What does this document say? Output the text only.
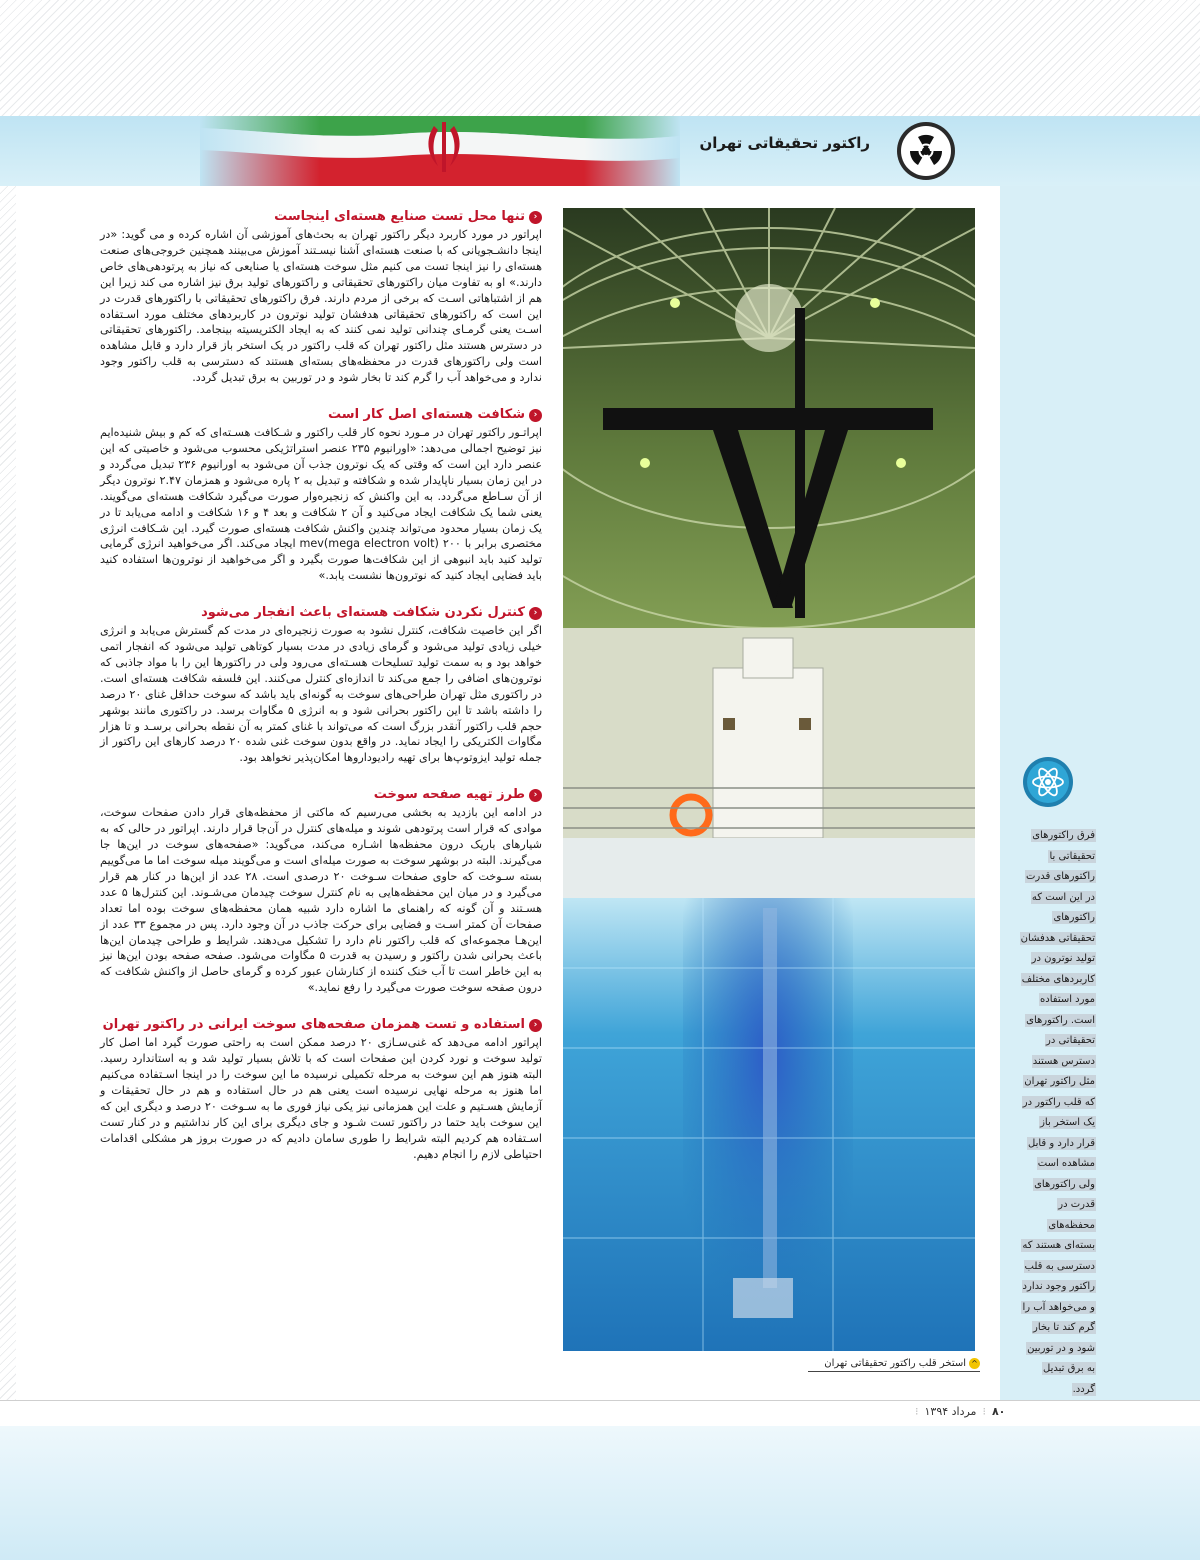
راکتور تحقیقاتی تهران
فرق راکتورهای تحقیقاتی با راکتورهای قدرت در این است که راکتورهای تحقیقاتی هدفشان تولید نوترون در کاربردهای مختلف مورد استفاده است. راکتورهای تحقیقاتی در دسترس هستند مثل راکتور تهران که قلب راکتور در یک استخر باز قرار دارد و قابل مشاهده است ولی راکتورهای قدرت در محفظه‌های بسته‌ای هستند که دسترسی به قلب راکتور وجود ندارد و می‌خواهد آب را گرم کند تا بخار شود و در توربین به برق تبدیل گردد.
‹
تنها محل تست صنایع هسته‌ای اینجاست

اپراتور در مورد کاربرد دیگر راکتور تهران به بحث‌های آموزشی آن اشاره کرده و می گوید: «در اینجا دانشـجویانی که با صنعت هسته‌ای آشنا نیسـتند آموزش می‌بینند همچنین خروجی‌های صنعت هسته‌ای را نیز اینجا تست می کنیم مثل سوخت هسته‌ای یا صنایعی که نیاز به پرتودهی‌های خاص دارند.» او به تفاوت میان راکتورهای تحقیقاتی و راکتورهای تولید برق نیز اشاره می کند زیرا این هم از اشتباهاتی اسـت که برخی از مردم دارند. فرق راکتورهای تحقیقاتی با راکتورهای قدرت در این است که راکتورهای تحقیقاتی هدفشان تولید نوترون در کاربردهای مختلف مورد اسـتفاده اسـت یعنی گرمـای چندانی تولید نمی کنند که به ایجاد الکتریسیته بینجامد. راکتورهای تحقیقاتی در دسترس هستند مثل راکتور تهران که قلب راکتور در یک استخر باز قرار دارد و قابل مشاهده است ولی راکتورهای قدرت در محفظه‌های بسته‌ای هستند که دسترسی به قلب راکتور وجود ندارد و می‌خواهد آب را گرم کند تا بخار شود و در توربین به برق تبدیل گردد.

‹
شکافت هسته‌ای اصل کار است

اپراتـور راکتور تهران در مـورد نحوه کار قلب راکتور و شـکافت هسـته‌ای که کم و بیش شنیده‌ایم نیز توضیح اجمالی می‌دهد: «اورانیوم ۲۳۵ عنصر استراتژیکی محسوب می‌شود و خاصیتی که این عنصر دارد این است که وقتی که یک نوترون جذب آن می‌شود به اورانیوم ۲۳۶ تبدیل می‌گردد و در این زمان بسیار ناپایدار شده و شکافته و تبدیل به ۲ پاره می‌شود و همزمان ۲.۴۷ نوترون دیگر از آن سـاطع می‌گردد. به این واکنش که زنجیره‌وار صورت می‌گیرد شکافت هسته‌ای می‌گویند. یعنی شما یک شکافت ایجاد می‌کنید و آن ۲ شکافت و بعد ۴ و ۱۶ شکافت و ادامه می‌یابد تا در یک زمان بسیار محدود می‌تواند چندین واکنش شکافت هسته‌ای صورت گیرد. این شـکافت انرژی مختصری برابر با ۲۰۰ mev(mega electron volt) ایجاد می‌کند. اگر می‌خواهید انرژی گرمایی تولید کنید باید انبوهی از این شکافت‌ها صورت بگیرد و اگر می‌خواهید از نوترون‌ها استفاده کنید باید فضایی ایجاد کنید که نوترون‌ها نشست یابد.»

‹
کنترل نکردن شکافت هسته‌ای باعث انفجار می‌شود

اگر این خاصیت شکافت، کنترل نشود به صورت زنجیره‌ای در مدت کم گسترش می‌یابد و انرژی خیلی زیادی تولید می‌شود و گرمای زیادی در مدت بسیار کوتاهی تولید می‌شود که انفجار اتمی خواهد بود و به سمت تولید تسلیحات هسـته‌ای می‌رود ولی در راکتورها این را با مواد جاذبی که نوترون‌های اضافی را جمع می‌کند تا اندازه‌ای کنترل می‌کنند. این فلسفه شکافت هسته‌ای است. در راکتوری مثل تهران طراحی‌های سوخت به گونه‌ای باید باشد که سوخت حداقل غنای ۲۰ درصد را داشته باشد تا این راکتور بحرانی شود و به انرژی ۵ مگاوات برسد. در راکتوری مانند بوشهر حجم قلب راکتور آنقدر بزرگ است که می‌تواند با غنای کمتر به آن نقطه بحرانی برسـد و تا هزار مگاوات الکتریکی را ایجاد نماید. در واقع بدون سوخت غنی شده ۲۰ درصد کارهای این راکتور از جمله تولید ایزوتوپ‌ها برای تهیه رادیوداروها امکان‌پذیر نخواهد بود.

‹
طرز تهیه صفحه سوخت

در ادامه این بازدید به بخشی می‌رسیم که ماکتی از محفظه‌های قرار دادن صفحات سوخت، موادی که قرار است پرتودهی شوند و میله‌های کنترل در آن‌جا قرار دارند. اپراتور در حالی که به شیارهای باریک درون محفظه‌ها اشـاره می‌کند، می‌گوید: «صفحه‌های سوخت در این‌ها جا می‌گیرند. البته در بوشهر سوخت به صورت میله‌ای است و می‌گویند میله سوخت اما ما می‌گوییم بسته سـوخت که حاوی صفحات سـوخت ۲۰ درصدی است. ۲۸ عدد از این‌ها در کنار هم قرار می‌گیرد و در میان این محفظه‌هایی به نام کنترل سوخت چیدمان می‌شـوند. این کنترل‌ها ۵ عدد هسـتند و آن گونه که راهنمای ما اشاره دارد شبیه همان محفظه‌های سوخت بوده اما تعداد صفحات آن کمتر اسـت و فضایی برای حرکت جاذب در آن وجود دارد. پس در مجموع ۳۳ عدد از این‌هـا مجموعه‌ای که قلب راکتور نام دارد را تشکیل می‌دهند. شرایط و طراحی چیدمان این‌ها باعث بحرانی شدن راکتور و رسیدن به قدرت ۵ مگاوات می‌شود. صفحه صفحه بودن این‌ها نیز به این خاطر است تا آب خنک کننده از کنارشان عبور کرده و گرمای حاصل از واکنش شکافت که درون صفحه سوخت صورت می‌گیرد را رفع نماید.»

‹
استفاده و تست همزمان صفحه‌های سوخت ایرانی در راکتور تهران

اپراتور ادامه می‌دهد که غنی‌سـازی ۲۰ درصد ممکن است به راحتی صورت گیرد اما اصل کار تولید سوخت و نورد کردن این صفحات است که با تلاش بسیار تولید شد و به استاندارد رسید. البته هنوز هم این سوخت به مرحله تکمیلی نرسیده ما این سوخت را در اینجا اسـتفاده می‌کنیم اما هنوز به مرحله نهایی نرسیده است یعنی هم در حال استفاده و هم در حال تحقیقات و آزمایش هسـتیم و علت این همزمانی نیز یکی نیاز فوری ما به سـوخت ۲۰ درصد و دیگری این که این سوخت باید حتما در راکتور تست شـود و جای دیگری برای این کار نداشتیم و در کنار تست اسـتفاده هم کردیم البته شرایط را طوری سامان دادیم که در صورت بروز هر مشکلی اقدامات احتیاطی لازم را انجام دهیم.

^
استخر قلب راکتور تحقیقاتی تهران
۸۰
⁝
مرداد ۱۳۹۴
⁝
